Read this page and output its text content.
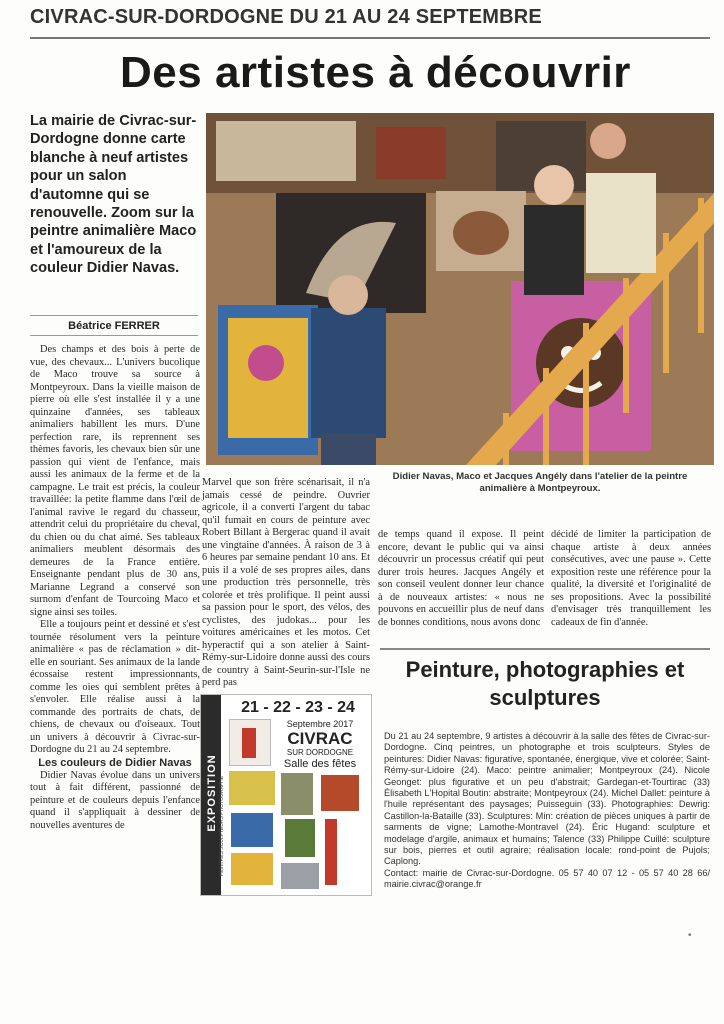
CIVRAC-SUR-DORDOGNE DU 21 AU 24 SEPTEMBRE
Des artistes à découvrir
La mairie de Civrac-sur-Dordogne donne carte blanche à neuf artistes pour un salon d'automne qui se renouvelle. Zoom sur la peintre animalière Maco et l'amoureux de la couleur Didier Navas.
Béatrice FERRER

Des champs et des bois à perte de vue, des chevaux... L'univers bucolique de Maco trouve sa source à Montpeyroux. Dans la vieille maison de pierre où elle s'est installée il y a une quinzaine d'années, ses tableaux animaliers habillent les murs. D'une perfection rare, ils reprennent ses thèmes favoris, les chevaux bien sûr une passion qui vient de l'enfance, mais aussi les animaux de la ferme et de la campagne. Le trait est précis, la couleur travaillée: la petite flamme dans l'œil de l'animal ravive le regard du chasseur, attendrit celui du propriétaire du cheval, du chien ou du chat aimé. Ses tableaux animaliers meublent désormais des demeures de la France entière. Enseignante pendant plus de 30 ans, Marianne Legrand a conservé son surnom d'enfant de Tourcoing Maco et signe ainsi ses toiles.

Elle a toujours peint et dessiné et s'est tournée résolument vers la peinture animalière « pas de réclamation » dit-elle en souriant. Ses animaux de la lande écossaise restent impressionnants, comme les oies qui semblent prêtes à s'envoler. Elle réalise aussi à la commande des portraits de chats, de chiens, de chevaux ou d'oiseaux. Tout un univers à découvrir à Civrac-sur-Dordogne du 21 au 24 septembre.

Les couleurs de Didier Navas

Didier Navas évolue dans un univers tout à fait différent, passionné de peinture et de couleurs depuis l'enfance quand il s'appliquait à dessiner de nouvelles aventures de

Didier Navas, Maco et Jacques Angély dans l'atelier de la peintre animalière à Montpeyroux.

Marvel que son frère scénarisait, il n'a jamais cessé de peindre. Ouvrier agricole, il a converti l'argent du tabac qu'il fumait en cours de peinture avec Robert Billant à Bergerac quand il avait une vingtaine d'années. À raison de 3 à 6 heures par semaine pendant 10 ans. Et puis il a volé de ses propres ailes, dans une production très personnelle, très colorée et très prolifique. Il peint aussi sa passion pour le sport, des vélos, des cyclistes, des judokas... pour les voitures américaines et les motos. Cet hyperactif qui a son atelier à Saint-Rémy-sur-Lidoire donne aussi des cours de country à Saint-Seurin-sur-l'Isle ne perd pas

de temps quand il expose. Il peint encore, devant le public qui va ainsi découvrir un processus créatif qui peut durer trois heures. Jacques Angély et son conseil veulent donner leur chance à de nouveaux artistes: « nous ne pouvons en accueillir plus de neuf dans de bonnes conditions, nous avons donc

décidé de limiter la participation de chaque artiste à deux années consécutives, avec une pause ». Cette exposition reste une référence pour la qualité, la diversité et l'originalité de ses propositions. Avec la possibilité d'envisager très tranquillement les cadeaux de fin d'année.

EXPOSITION PEINTRES SCULPTEURS PHOTOGRAPHE
21 - 22 - 23 - 24
Septembre 2017
CIVRAC
SUR DORDOGNE
Salle des fêtes
Peinture, photographies et sculptures
Du 21 au 24 septembre, 9 artistes à découvrir à la salle des fêtes de Civrac-sur-Dordogne. Cinq peintres, un photographe et trois sculpteurs. Styles de peintures: Didier Navas: figurative, spontanée, énergique, vive et colorée; Saint-Rémy-sur-Lidoire (24). Maco: peintre animalier; Montpeyroux (24). Nicole Geonget: plus figurative et un peu d'abstrait; Gardegan-et-Tourtirac (33) Élisabeth L'Hopital Boutin: abstraite; Montpeyroux (24). Michel Dallet: peinture à l'huile représentant des paysages; Puisseguin (33). Photographies: Dewrig: Castillon-la-Bataille (33). Sculptures: Min: création de pièces uniques à partir de sarments de vigne; Lamothe-Montravel (24). Éric Hugand: sculpture et modelage d'argile, animaux et humains; Talence (33) Philippe Cuillé: sculpture sur bois, pierres et outil agraire; réalisation locale: rond-point de Pujols; Caplong.
Contact: mairie de Civrac-sur-Dordogne. 05 57 40 07 12 - 05 57 40 28 66/ mairie.civrac@orange.fr
•
